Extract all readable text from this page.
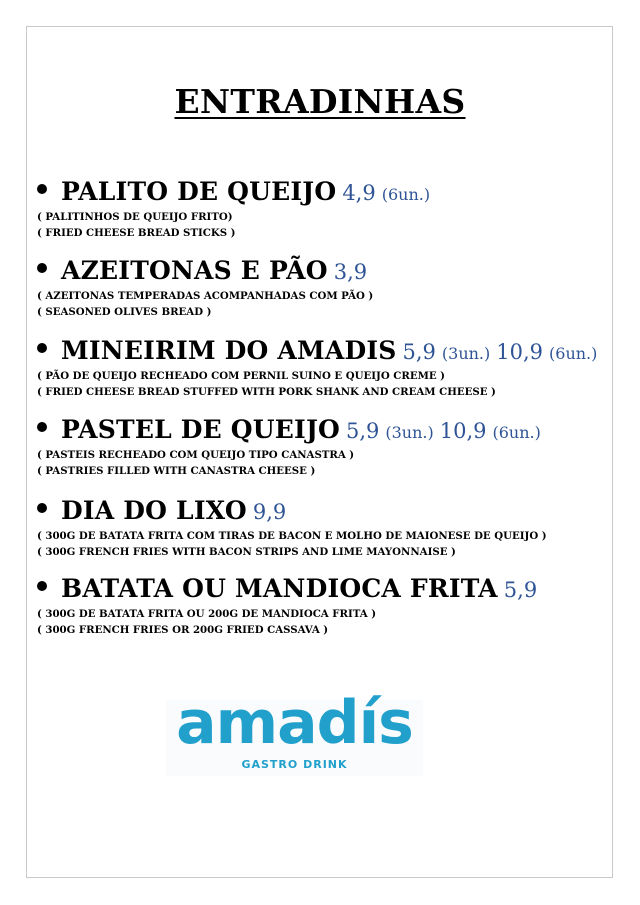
ENTRADINHAS
PALITO DE QUEIJO 4,9 (6un.)
( PALITINHOS DE QUEIJO FRITO)
( FRIED CHEESE BREAD STICKS )
AZEITONAS E PÃO 3,9
( AZEITONAS TEMPERADAS ACOMPANHADAS COM PÃO )
( SEASONED OLIVES BREAD )
MINEIRIM DO AMADIS 5,9 (3un.) 10,9 (6un.)
( PÃO DE QUEIJO RECHEADO COM PERNIL SUINO E QUEIJO CREME )
( FRIED CHEESE BREAD STUFFED WITH PORK SHANK AND CREAM CHEESE )
PASTEL DE QUEIJO 5,9 (3un.) 10,9 (6un.)
( PASTEIS RECHEADO COM QUEIJO TIPO CANASTRA )
( PASTRIES FILLED WITH CANASTRA CHEESE )
DIA DO LIXO 9,9
( 300G DE BATATA FRITA COM TIRAS DE BACON E MOLHO DE MAIONESE DE QUEIJO )
( 300G FRENCH FRIES WITH BACON STRIPS AND LIME MAYONNAISE )
BATATA OU MANDIOCA FRITA 5,9
( 300G DE BATATA FRITA OU 200G DE MANDIOCA FRITA )
( 300G FRENCH FRIES OR 200G FRIED CASSAVA )
amadís
GASTRO DRINK
